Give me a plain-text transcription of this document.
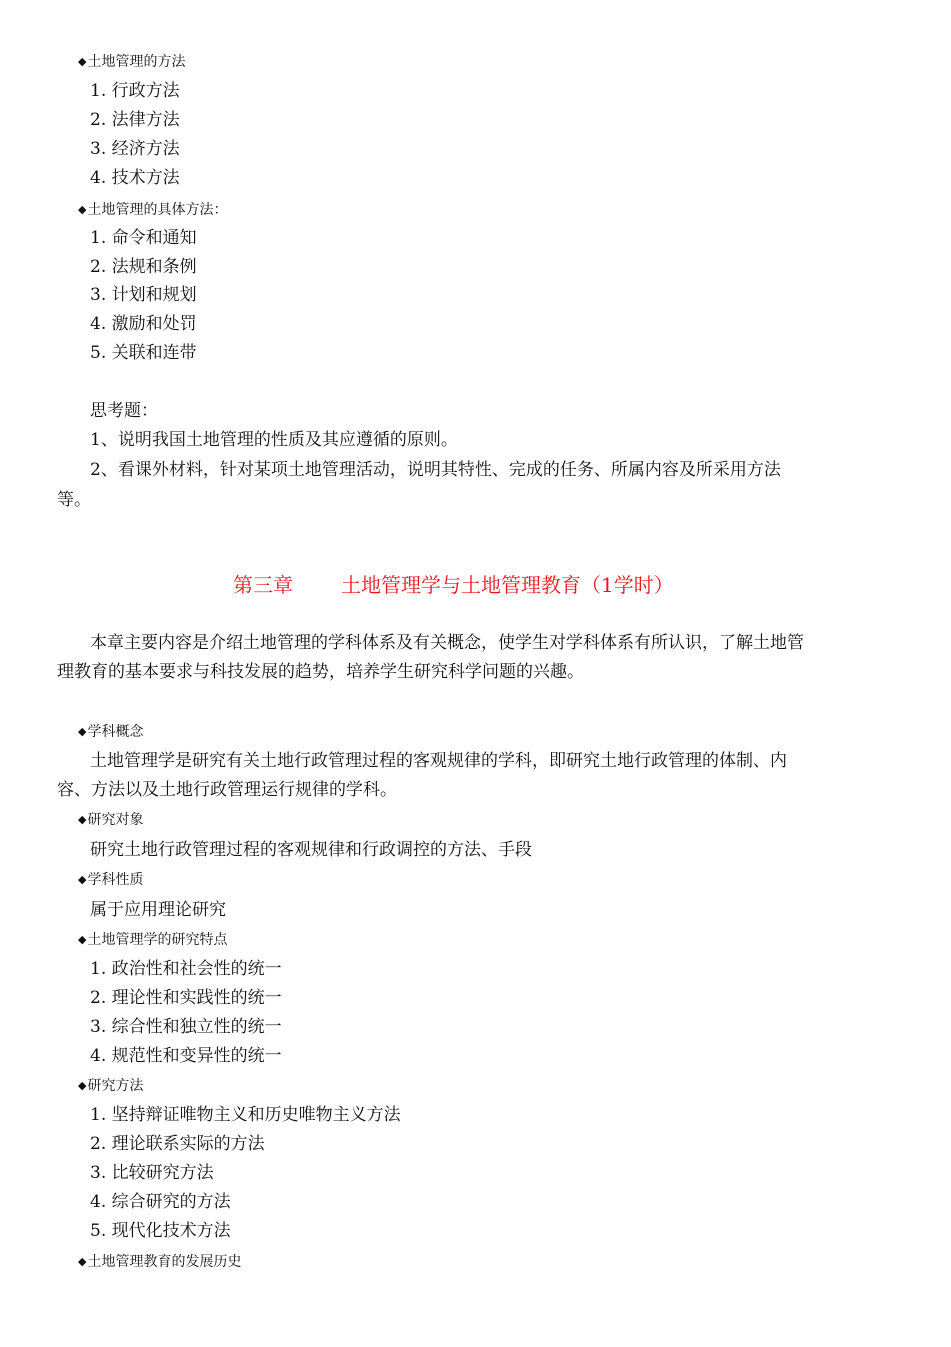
◆土地管理的方法
1. 行政方法
2. 法律方法
3. 经济方法
4. 技术方法
◆土地管理的具体方法：
1. 命令和通知
2. 法规和条例
3. 计划和规划
4. 激励和处罚
5. 关联和连带
思考题：
1、说明我国土地管理的性质及其应遵循的原则。
2、看课外材料，针对某项土地管理活动，说明其特性、完成的任务、所属内容及所采用方法
等。
第三章 土地管理学与土地管理教育（1学时）
本章主要内容是介绍土地管理的学科体系及有关概念，使学生对学科体系有所认识，了解土地管
理教育的基本要求与科技发展的趋势，培养学生研究科学问题的兴趣。
◆学科概念
土地管理学是研究有关土地行政管理过程的客观规律的学科，即研究土地行政管理的体制、内
容、方法以及土地行政管理运行规律的学科。
◆研究对象
研究土地行政管理过程的客观规律和行政调控的方法、手段
◆学科性质
属于应用理论研究
◆土地管理学的研究特点
1. 政治性和社会性的统一
2. 理论性和实践性的统一
3. 综合性和独立性的统一
4. 规范性和变异性的统一
◆研究方法
1. 坚持辩证唯物主义和历史唯物主义方法
2. 理论联系实际的方法
3. 比较研究方法
4. 综合研究的方法
5. 现代化技术方法
◆土地管理教育的发展历史
